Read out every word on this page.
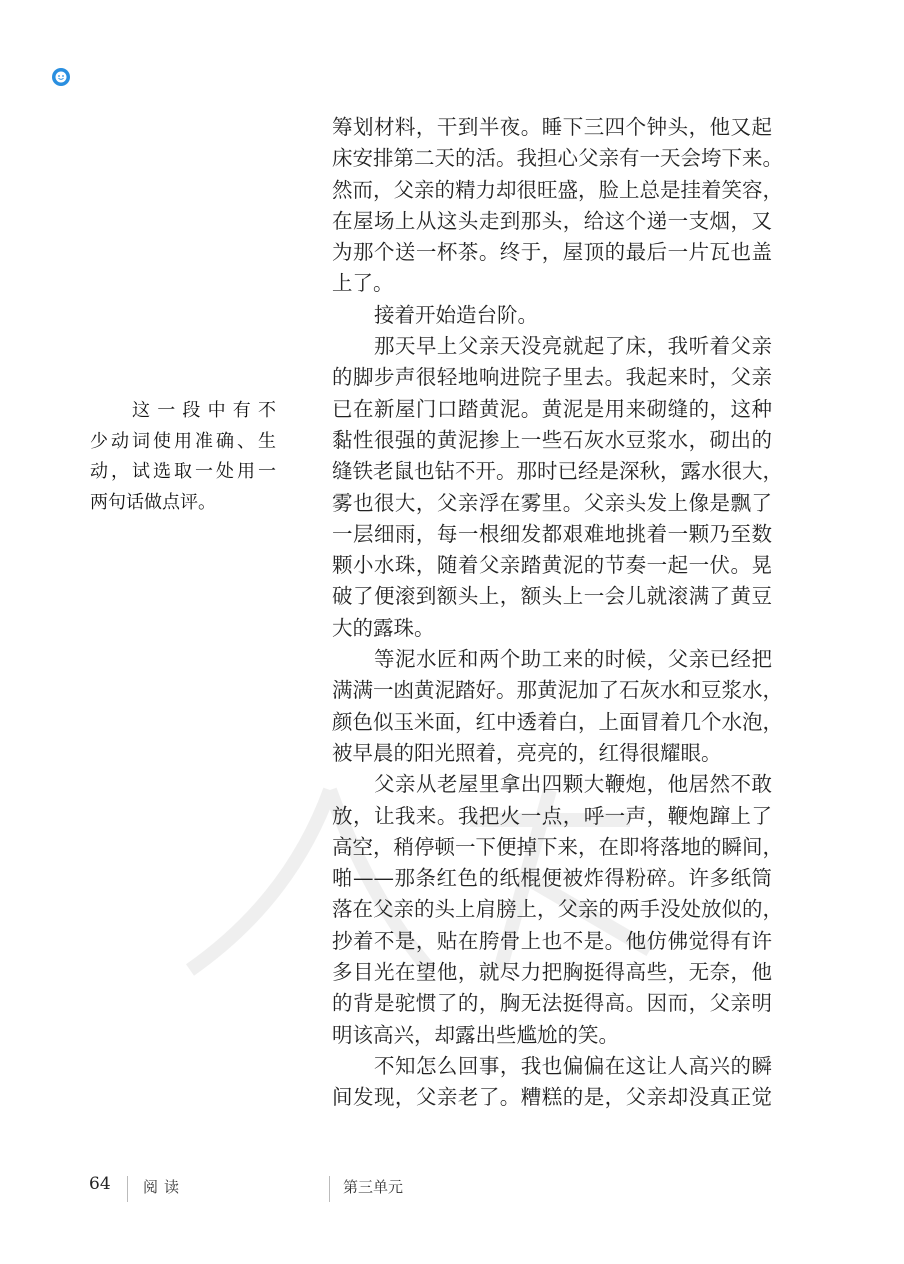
筹划材料，干到半夜。睡下三四个钟头，他又起
床安排第二天的活。我担心父亲有一天会垮下来。
然而，父亲的精力却很旺盛，脸上总是挂着笑容，
在屋场上从这头走到那头，给这个递一支烟，又
为那个送一杯茶。终于，屋顶的最后一片瓦也盖
上了。
接着开始造台阶。
那天早上父亲天没亮就起了床，我听着父亲
的脚步声很轻地响进院子里去。我起来时，父亲
已在新屋门口踏黄泥。黄泥是用来砌缝的，这种
黏性很强的黄泥掺上一些石灰水豆浆水，砌出的
缝铁老鼠也钻不开。那时已经是深秋，露水很大，
雾也很大，父亲浮在雾里。父亲头发上像是飘了
一层细雨，每一根细发都艰难地挑着一颗乃至数
颗小水珠，随着父亲踏黄泥的节奏一起一伏。晃
破了便滚到额头上，额头上一会儿就滚满了黄豆
大的露珠。
等泥水匠和两个助工来的时候，父亲已经把
满满一凼黄泥踏好。那黄泥加了石灰水和豆浆水，
颜色似玉米面，红中透着白，上面冒着几个水泡，
被早晨的阳光照着，亮亮的，红得很耀眼。
父亲从老屋里拿出四颗大鞭炮，他居然不敢
放，让我来。我把火一点，呼一声，鞭炮蹿上了
高空，稍停顿一下便掉下来，在即将落地的瞬间，
啪——那条红色的纸棍便被炸得粉碎。许多纸筒
落在父亲的头上肩膀上，父亲的两手没处放似的，
抄着不是，贴在胯骨上也不是。他仿佛觉得有许
多目光在望他，就尽力把胸挺得高些，无奈，他
的背是驼惯了的，胸无法挺得高。因而，父亲明
明该高兴，却露出些尴尬的笑。
不知怎么回事，我也偏偏在这让人高兴的瞬
间发现，父亲老了。糟糕的是，父亲却没真正觉
这一段中有不
少动词使用准确、生
动，试选取一处用一
两句话做点评。
64 阅读	第三单元
